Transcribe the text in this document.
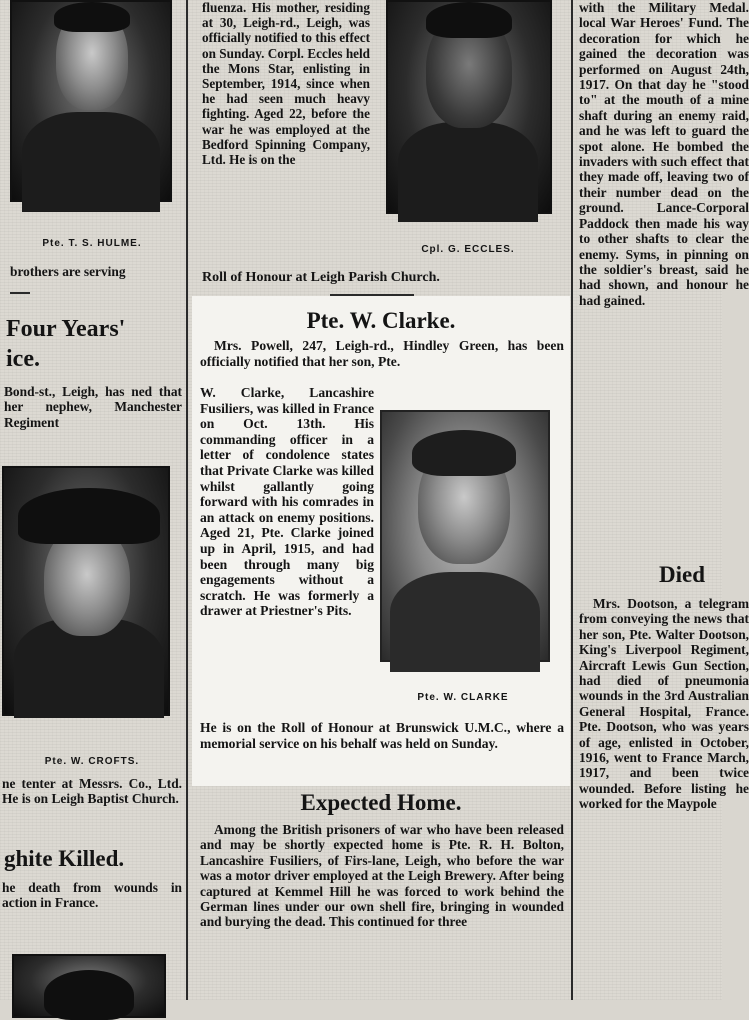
Pte. T. S. HULME.
brothers are serving
Four Years'
ice.
Bond-st., Leigh, has ned that her nephew, Manchester Regiment
Pte. W. CROFTS.
ne tenter at Messrs. Co., Ltd. He is on Leigh Baptist Church.
ghite Killed.
he death from wounds in action in France.
fluenza. His mother, residing at 30, Leigh-rd., Leigh, was officially notified to this effect on Sunday. Corpl. Eccles held the Mons Star, enlisting in September, 1914, since when he had seen much heavy fighting. Aged 22, before the war he was employed at the Bedford Spinning Company, Ltd. He is on the
Roll of Honour at Leigh Parish Church.
Cpl. G. ECCLES.
Pte. W. Clarke.
Mrs. Powell, 247, Leigh-rd., Hindley Green, has been officially notified that her son, Pte.
W. Clarke, Lancashire Fusiliers, was killed in France on Oct. 13th. His commanding officer in a letter of condolence states that Private Clarke was killed whilst gallantly going forward with his comrades in an attack on enemy positions. Aged 21, Pte. Clarke joined up in April, 1915, and had been through many big engagements without a scratch. He was formerly a drawer at Priestner's Pits.
Pte. W. CLARKE
He is on the Roll of Honour at Brunswick U.M.C., where a memorial service on his behalf was held on Sunday.
Expected Home.
Among the British prisoners of war who have been released and may be shortly expected home is Pte. R. H. Bolton, Lancashire Fusiliers, of Firs-lane, Leigh, who before the war was a motor driver employed at the Leigh Brewery. After being captured at Kemmel Hill he was forced to work behind the German lines under our own shell fire, bringing in wounded and burying the dead. This continued for three
with the Military Medal. local War Heroes' Fund. The decoration for which he gained the decoration was performed on August 24th, 1917. On that day he "stood to" at the mouth of a mine shaft during an enemy raid, and he was left to guard the spot alone. He bombed the invaders with such effect that they made off, leaving two of their number dead on the ground. Lance-Corporal Paddock then made his way to other shafts to clear the enemy. Syms, in pinning on the soldier's breast, said he had shown, and honour he had gained.
Died
Mrs. Dootson, a telegram from conveying the news that her son, Pte. Walter Dootson, King's Liverpool Regiment, Aircraft Lewis Gun Section, had died of pneumonia wounds in the 3rd Australian General Hospital, France. Pte. Dootson, who was years of age, enlisted in October, 1916, went to France March, 1917, and been twice wounded. Before listing he worked for the Maypole
